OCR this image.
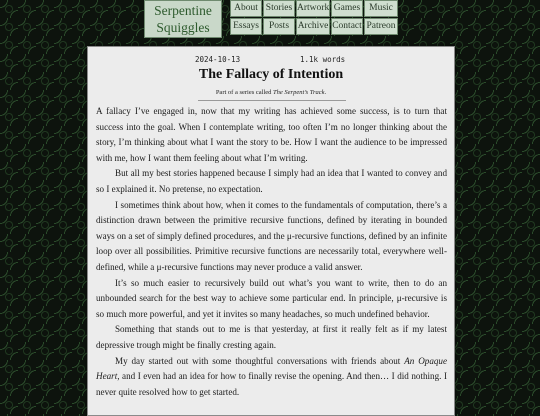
Serpentine
Squiggles
About Stories Artwork Games Music
Essays	Posts Archive Contact Patreon
2024-10-13	1.1k words
The Fallacy of Intention
Part of a series called The Serpent’s Track.

A fallacy I’ve engaged in, now that my writing has achieved some success, is to turn that success into the goal. When I contemplate writing, too often I’m no longer thinking about the story, I’m thinking about what I want the story to be. How I want the audience to be impressed with me, how I want them feeling about what I’m writing.

But all my best stories happened because I simply had an idea that I wanted to convey and so I explained it. No pretense, no expectation.

I sometimes think about how, when it comes to the fundamentals of computation, there’s a distinction drawn between the primitive recursive functions, defined by iterating in bounded ways on a set of simply defined procedures, and the μ-recursive functions, defined by an infinite loop over all possibilities. Primitive recursive functions are necessarily total, everywhere well-defined, while a μ-recursive functions may never produce a valid answer.

It’s so much easier to recursively build out what’s you want to write, then to do an unbounded search for the best way to achieve some particular end. In principle, μ-recursive is so much more powerful, and yet it invites so many headaches, so much undefined behavior.

Something that stands out to me is that yesterday, at first it really felt as if my latest depressive trough might be finally cresting again.

My day started out with some thoughtful conversations with friends about An Opaque Heart, and I even had an idea for how to finally revise the opening. And then… I did nothing. I never quite resolved how to get started.
